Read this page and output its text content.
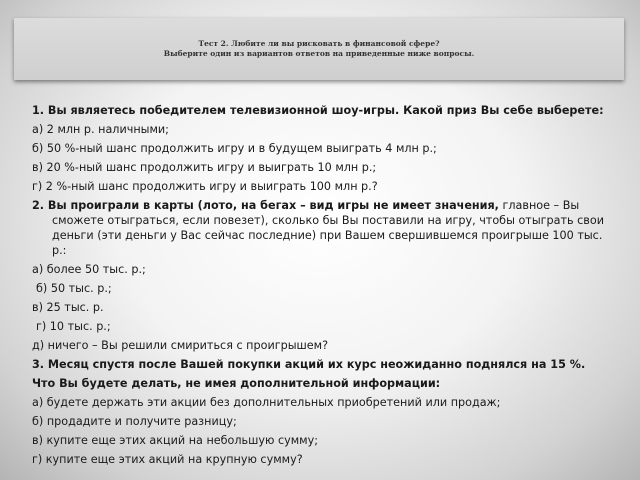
Тест 2. Любите ли вы рисковать в финансовой сфере?
Выберите один из вариантов ответов на приведенные ниже вопросы.
1. Вы являетесь победителем телевизионной шоу-игры. Какой приз Вы себе выберете:
а) 2 млн р. наличными;
б) 50 %-ный шанс продолжить игру и в будущем выиграть 4 млн р.;
в) 20 %-ный шанс продолжить игру и выиграть 10 млн р.;
г) 2 %-ный шанс продолжить игру и выиграть 100 млн р.?
2. Вы проиграли в карты (лото, на бегах – вид игры не имеет значения, главное – Вы сможете отыграться, если повезет), сколько бы Вы поставили на игру, чтобы отыграть свои деньги (эти деньги у Вас сейчас последние) при Вашем свершившемся проигрыше 100 тыс. р.:
а) более 50 тыс. р.;
б) 50 тыс. р.;
в) 25 тыс. р.
г) 10 тыс. р.;
д) ничего – Вы решили смириться с проигрышем?
3. Месяц спустя после Вашей покупки акций их курс неожиданно поднялся на 15 %.
Что Вы будете делать, не имея дополнительной информации:
а) будете держать эти акции без дополнительных приобретений или продаж;
б) продадите и получите разницу;
в) купите еще этих акций на небольшую сумму;
г) купите еще этих акций на крупную сумму?
